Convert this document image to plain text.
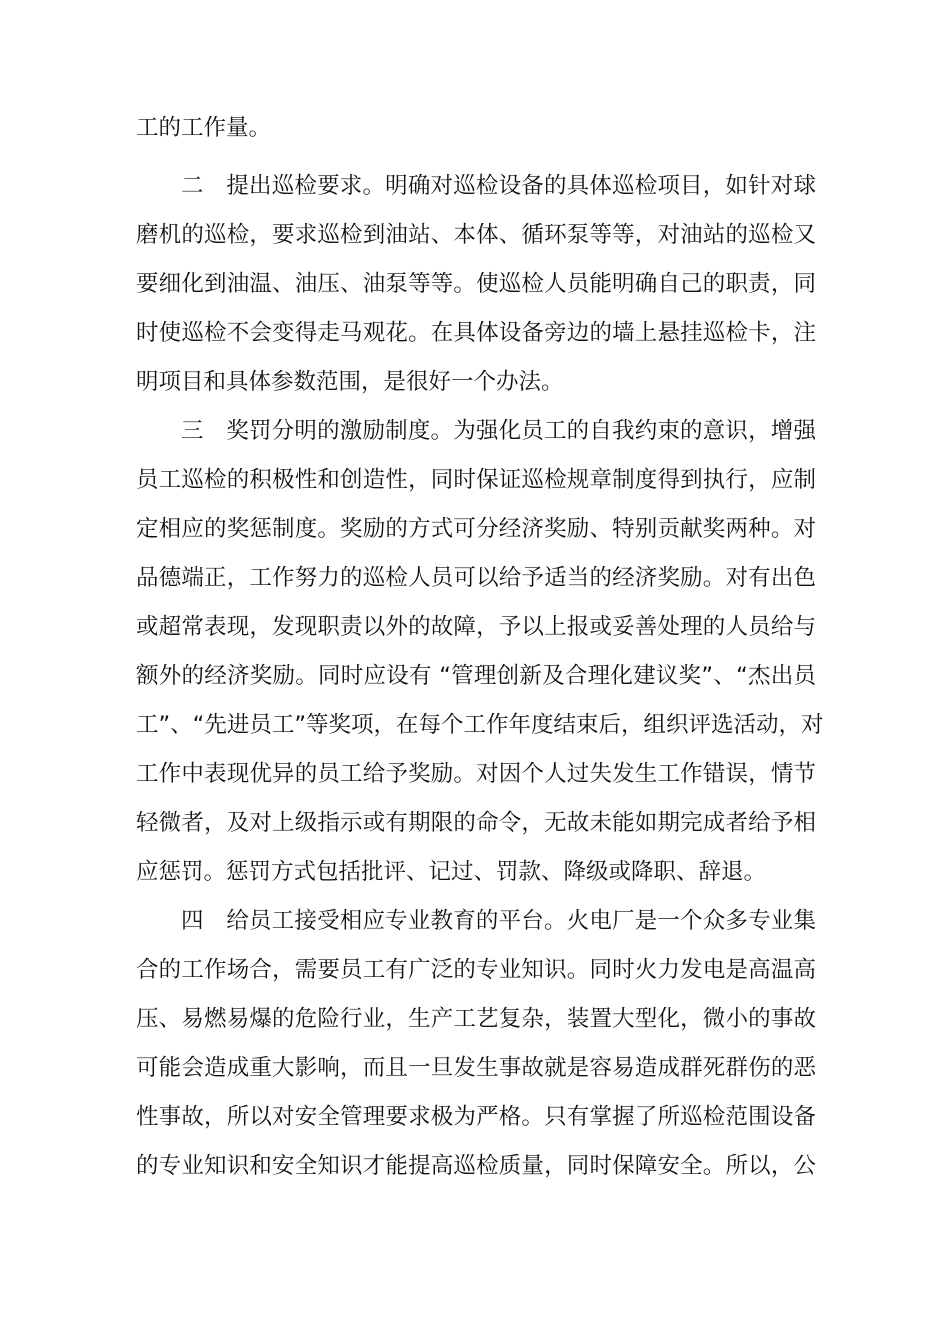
工的工作量。
二　提出巡检要求。明确对巡检设备的具体巡检项目，如针对球
磨机的巡检，要求巡检到油站、本体、循环泵等等，对油站的巡检又
要细化到油温、油压、油泵等等。使巡检人员能明确自己的职责，同
时使巡检不会变得走马观花。在具体设备旁边的墙上悬挂巡检卡，注
明项目和具体参数范围，是很好一个办法。
三　奖罚分明的激励制度。为强化员工的自我约束的意识，增强
员工巡检的积极性和创造性，同时保证巡检规章制度得到执行，应制
定相应的奖惩制度。奖励的方式可分经济奖励、特别贡献奖两种。对
品德端正，工作努力的巡检人员可以给予适当的经济奖励。对有出色
或超常表现，发现职责以外的故障，予以上报或妥善处理的人员给与
额外的经济奖励。同时应设有 “管理创新及合理化建议奖”、“杰出员
工”、“先进员工”等奖项，在每个工作年度结束后，组织评选活动，对
工作中表现优异的员工给予奖励。对因个人过失发生工作错误，情节
轻微者，及对上级指示或有期限的命令，无故未能如期完成者给予相
应惩罚。惩罚方式包括批评、记过、罚款、降级或降职、辞退。
四　给员工接受相应专业教育的平台。火电厂是一个众多专业集
合的工作场合，需要员工有广泛的专业知识。同时火力发电是高温高
压、易燃易爆的危险行业，生产工艺复杂，装置大型化，微小的事故
可能会造成重大影响，而且一旦发生事故就是容易造成群死群伤的恶
性事故，所以对安全管理要求极为严格。只有掌握了所巡检范围设备
的专业知识和安全知识才能提高巡检质量，同时保障安全。所以，公
